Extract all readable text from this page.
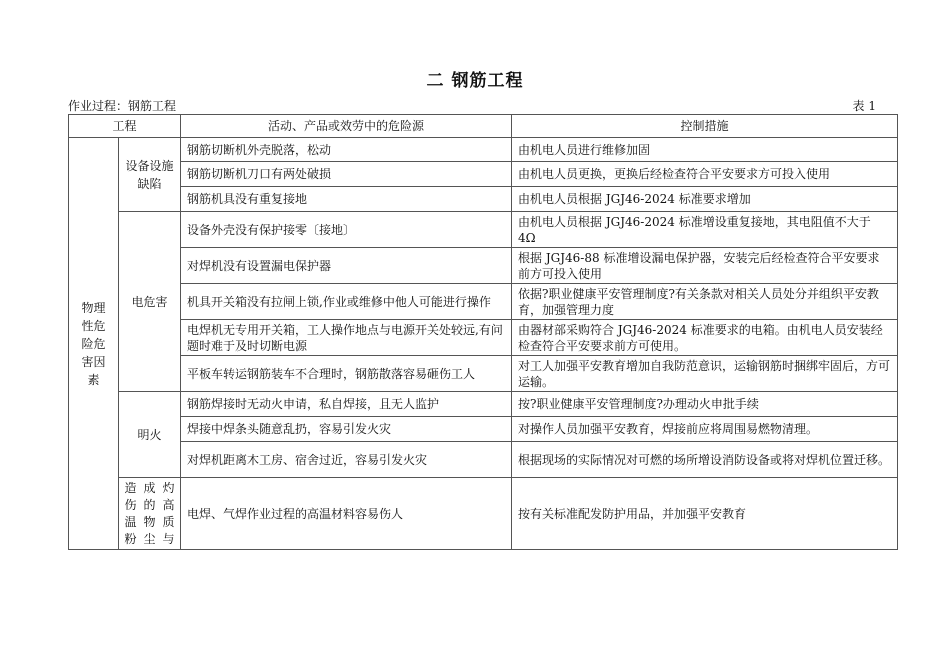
二 钢筋工程
作业过程：钢筋工程	表 1
工程		活动、产品或效劳中的危险源	控制措施
物理
性危
险危
害因
素	设备设施缺陷	钢筋切断机外壳脱落，松动	由机电人员进行维修加固
		钢筋切断机刀口有两处破损	由机电人员更换，更换后经检查符合平安要求方可投入使用
		钢筋机具没有重复接地	由机电人员根据 JGJ46-2024 标准要求增加
	电危害	设备外壳没有保护接零〔接地〕	由机电人员根据 JGJ46-2024 标准增设重复接地，其电阻值不大于 4Ω
		对焊机没有设置漏电保护器	根据 JGJ46-88 标准增设漏电保护器，安装完后经检查符合平安要求前方可投入使用
		机具开关箱没有拉闸上锁,作业或维修中他人可能进行操作	依据?职业健康平安管理制度?有关条款对相关人员处分并组织平安教育，加强管理力度
		电焊机无专用开关箱，工人操作地点与电源开关处较远,有问题时难于及时切断电源	由器材部采购符合 JGJ46-2024 标准要求的电箱。由机电人员安装经检查符合平安要求前方可使用。
		平板车转运钢筋装车不合理时，钢筋散落容易砸伤工人	对工人加强平安教育增加自我防范意识，运输钢筋时捆绑牢固后，方可运输。
	明火	钢筋焊接时无动火申请，私自焊接，且无人监护	按?职业健康平安管理制度?办理动火申批手续
		焊接中焊条头随意乱扔，容易引发火灾	对操作人员加强平安教育，焊接前应将周围易燃物清理。
		对焊机距离木工房、宿舍过近，容易引发火灾	根据现场的实际情况对可燃的场所增设消防设备或将对焊机位置迁移。
	造成灼
伤的高
温物质
粉尘与	电焊、气焊作业过程的高温材料容易伤人	按有关标准配发防护用品，并加强平安教育
